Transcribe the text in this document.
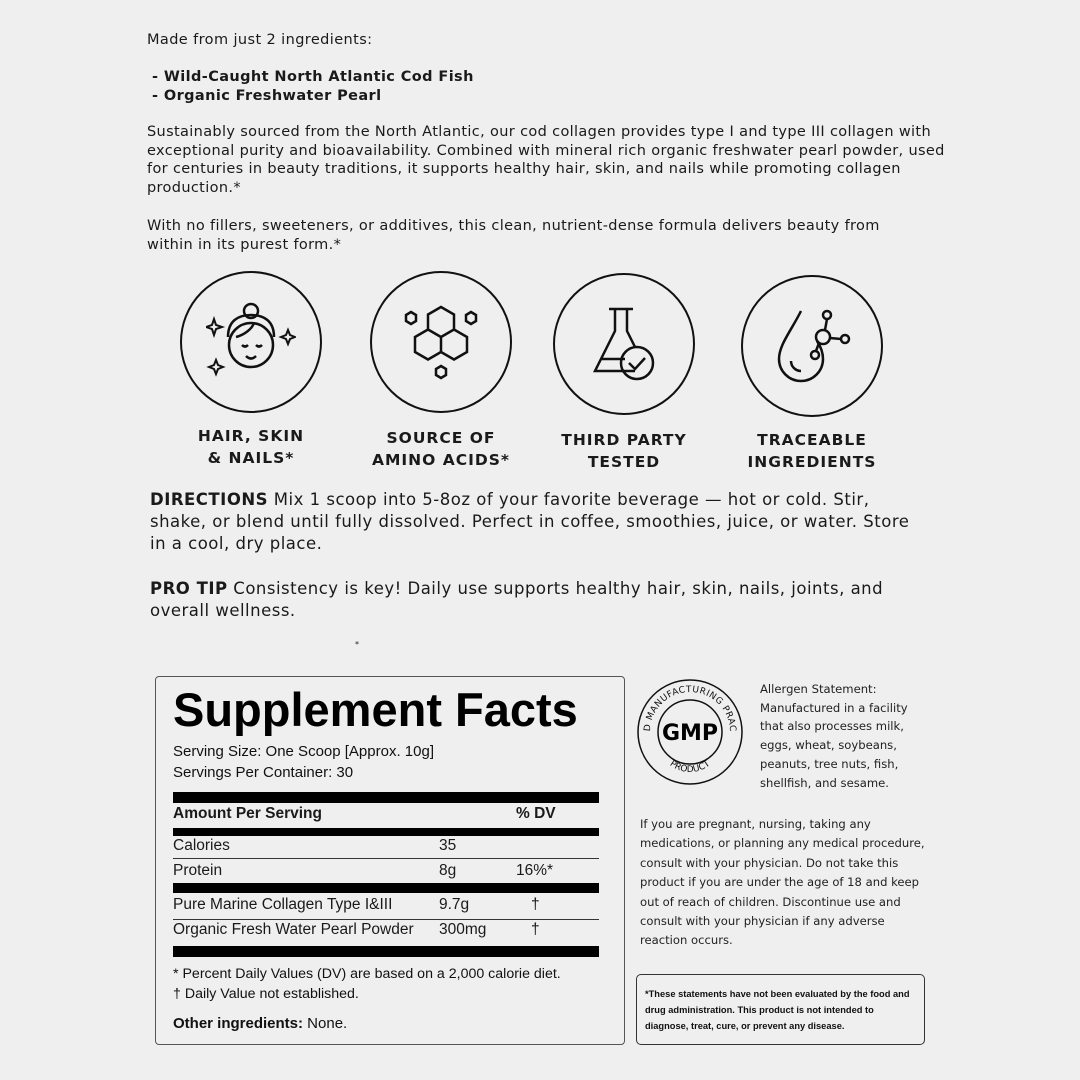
Made from just 2 ingredients:
- Wild-Caught North Atlantic Cod Fish
- Organic Freshwater Pearl
Sustainably sourced from the North Atlantic, our cod collagen provides type I and type III collagen with exceptional purity and bioavailability. Combined with mineral rich organic freshwater pearl powder, used for centuries in beauty traditions, it supports healthy hair, skin, and nails while promoting collagen production.*
With no fillers, sweeteners, or additives, this clean, nutrient-dense formula delivers beauty from within in its purest form.*
HAIR, SKIN
& NAILS*
SOURCE OF
AMINO ACIDS*
THIRD PARTY
TESTED
TRACEABLE
INGREDIENTS
DIRECTIONS Mix 1 scoop into 5-8oz of your favorite beverage — hot or cold. Stir, shake, or blend until fully dissolved. Perfect in coffee, smoothies, juice, or water. Store in a cool, dry place.
PRO TIP Consistency is key! Daily use supports healthy hair, skin, nails, joints, and overall wellness.
*
Supplement Facts
Serving Size: One Scoop [Approx. 10g]
Servings Per Container: 30
Amount Per Serving	% DV
Calories	35
Protein	8g	16%*
Pure Marine Collagen Type I&III	9.7g	†
Organic Fresh Water Pearl Powder 300mg	†
* Percent Daily Values (DV) are based on a 2,000 calorie diet.
† Daily Value not established.
Other ingredients: None.
D MANUFACTURING PRAC
PRODUCT
GMP
Allergen Statement: Manufactured in a facility that also processes milk, eggs, wheat, soybeans, peanuts, tree nuts, fish, shellfish, and sesame.
If you are pregnant, nursing, taking any medications, or planning any medical procedure, consult with your physician. Do not take this product if you are under the age of 18 and keep out of reach of children. Discontinue use and consult with your physician if any adverse reaction occurs.
*These statements have not been evaluated by the food and drug administration. This product is not intended to diagnose, treat, cure, or prevent any disease.
